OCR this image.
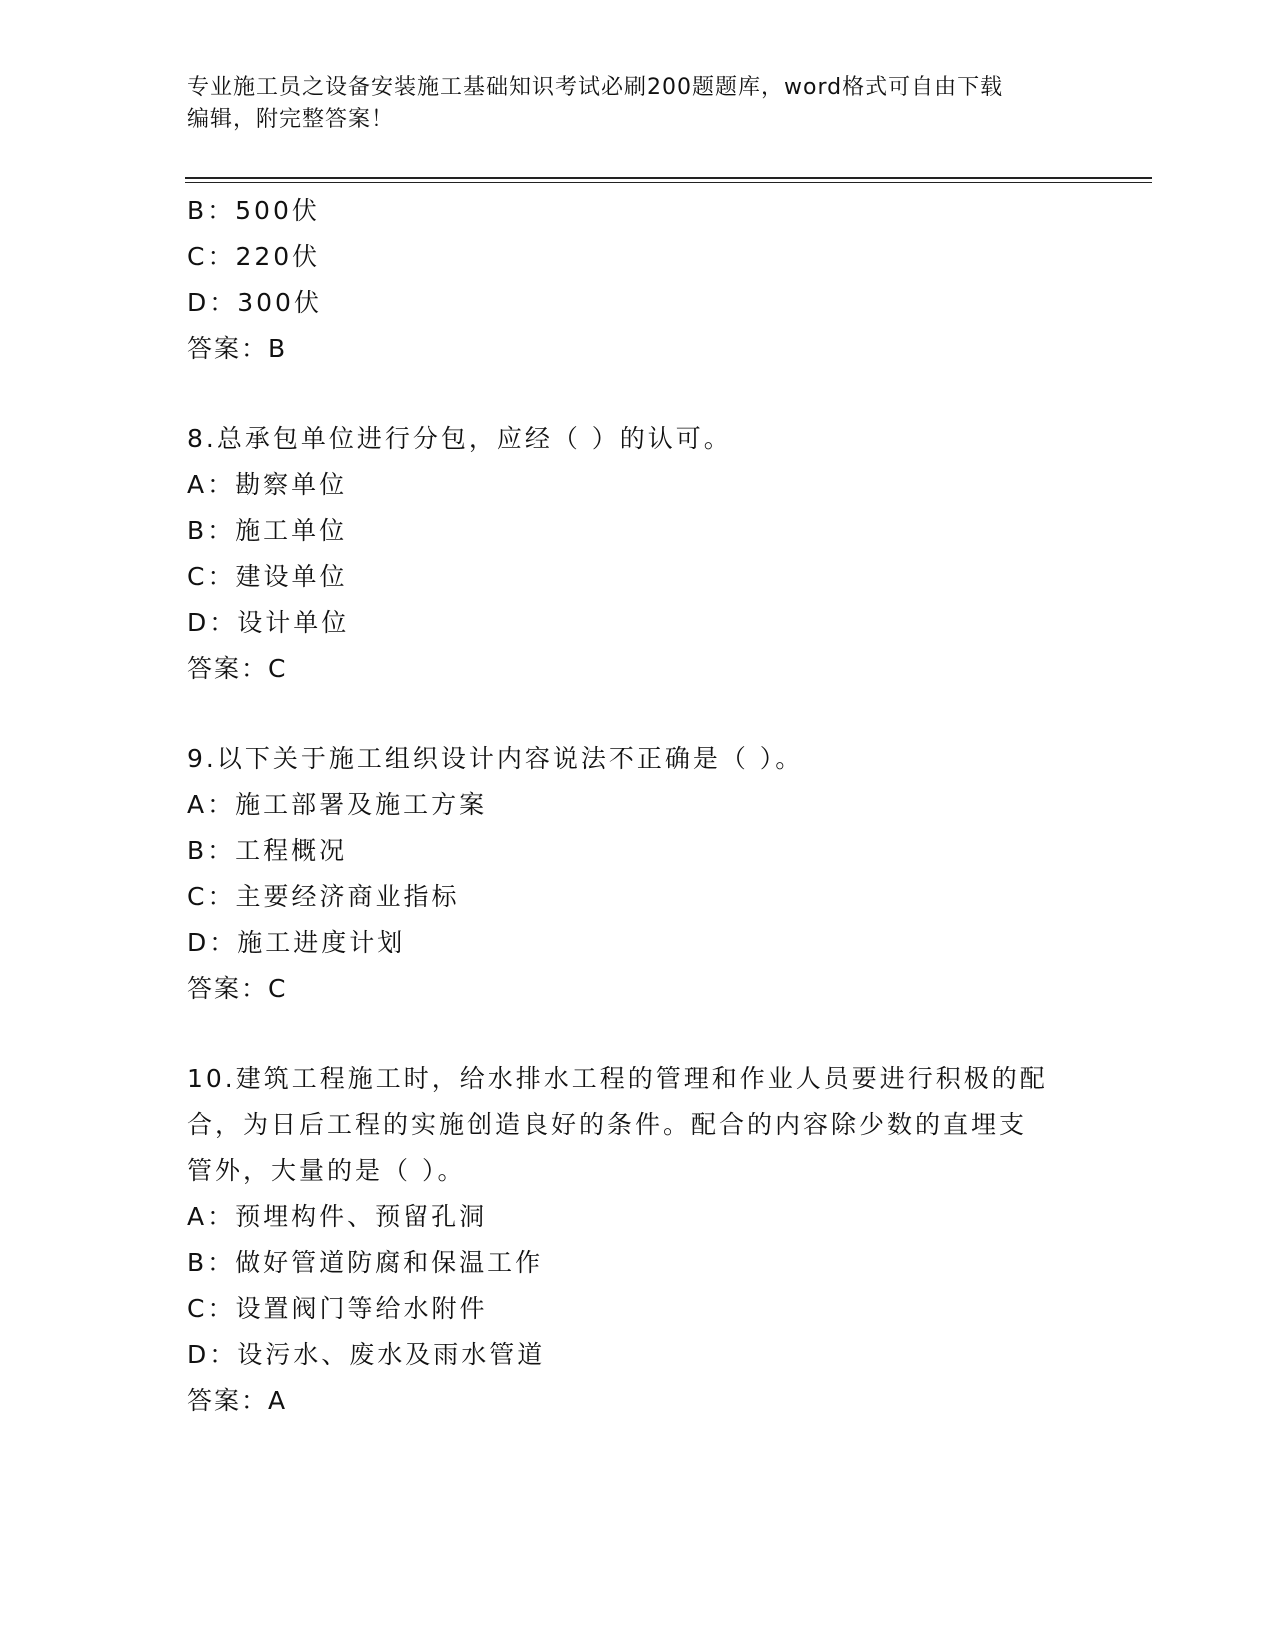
专业施工员之设备安装施工基础知识考试必刷200题题库，word格式可自由下载
编辑，附完整答案！
B：500伏
C：220伏
D：300伏
答案：B
8.总承包单位进行分包，应经（ ）的认可。
A：勘察单位
B：施工单位
C：建设单位
D：设计单位
答案：C
9.以下关于施工组织设计内容说法不正确是（ ）。
A：施工部署及施工方案
B：工程概况
C：主要经济商业指标
D：施工进度计划
答案：C
10.建筑工程施工时，给水排水工程的管理和作业人员要进行积极的配
合，为日后工程的实施创造良好的条件。配合的内容除少数的直埋支
管外，大量的是（ ）。
A：预埋构件、预留孔洞
B：做好管道防腐和保温工作
C：设置阀门等给水附件
D：设污水、废水及雨水管道
答案：A
